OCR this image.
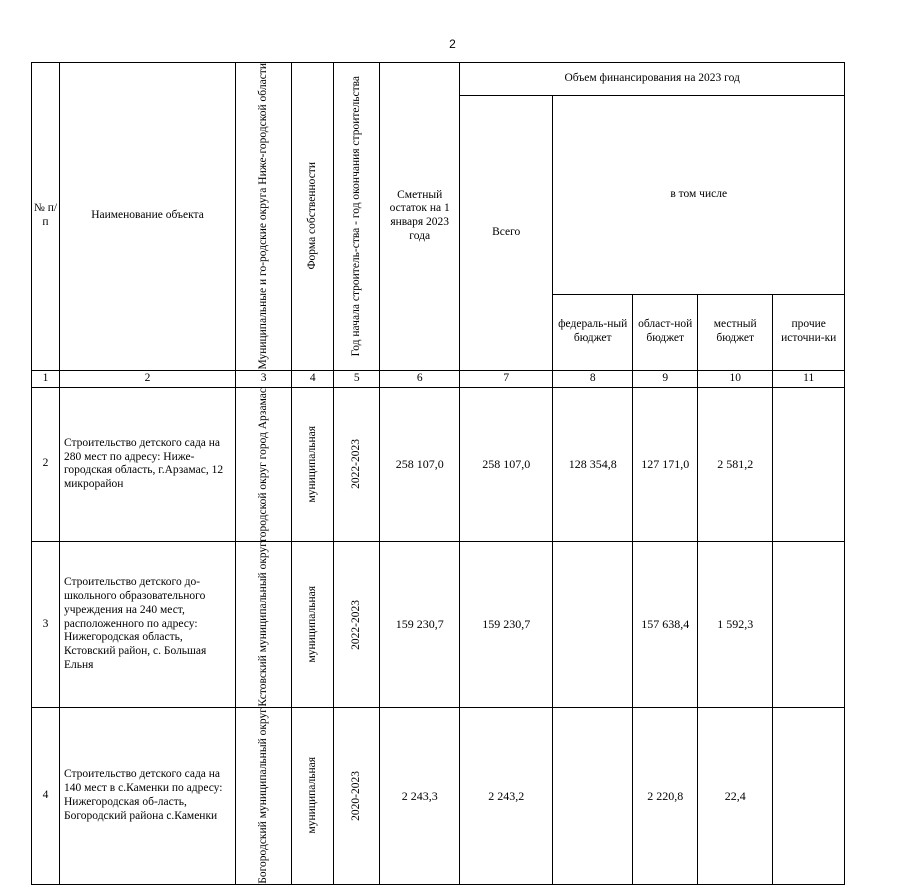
2
№ п/ п	Наименование объекта	Муниципальные и го-родские округа Ниже-городской области	Форма собственности	Год начала строитель-ства - год окончания строительства	Сметный остаток на 1 января 2023 года	Объем финансирования на 2023 год				
						Всего	в том числе			
							федераль-ный бюджет	област-ной бюджет	местный бюджет	прочие источни-ки
1	2	3	4	5	6	7	8	9	10	11
2	Строительство детского сада на 280 мест по адресу: Ниже-городская область, г.Арзамас, 12 микрорайон	городской округ город Арзамас	муниципальная	2022-2023	258 107,0	258 107,0	128 354,8	127 171,0	2 581,2	
3	Строительство детского до-школьного образовательного учреждения на 240 мест, расположенного по адресу: Нижегородская область, Кстовский район, с. Большая Ельня	Кстовский муниципальный округ	муниципальная	2022-2023	159 230,7	159 230,7		157 638,4	1 592,3	
4	Строительство детского сада на 140 мест в с.Каменки по адресу: Нижегородская об-ласть, Богородский района с.Каменки	Богородский муниципальный округ	муниципальная	2020-2023	2 243,3	2 243,2		2 220,8	22,4	
